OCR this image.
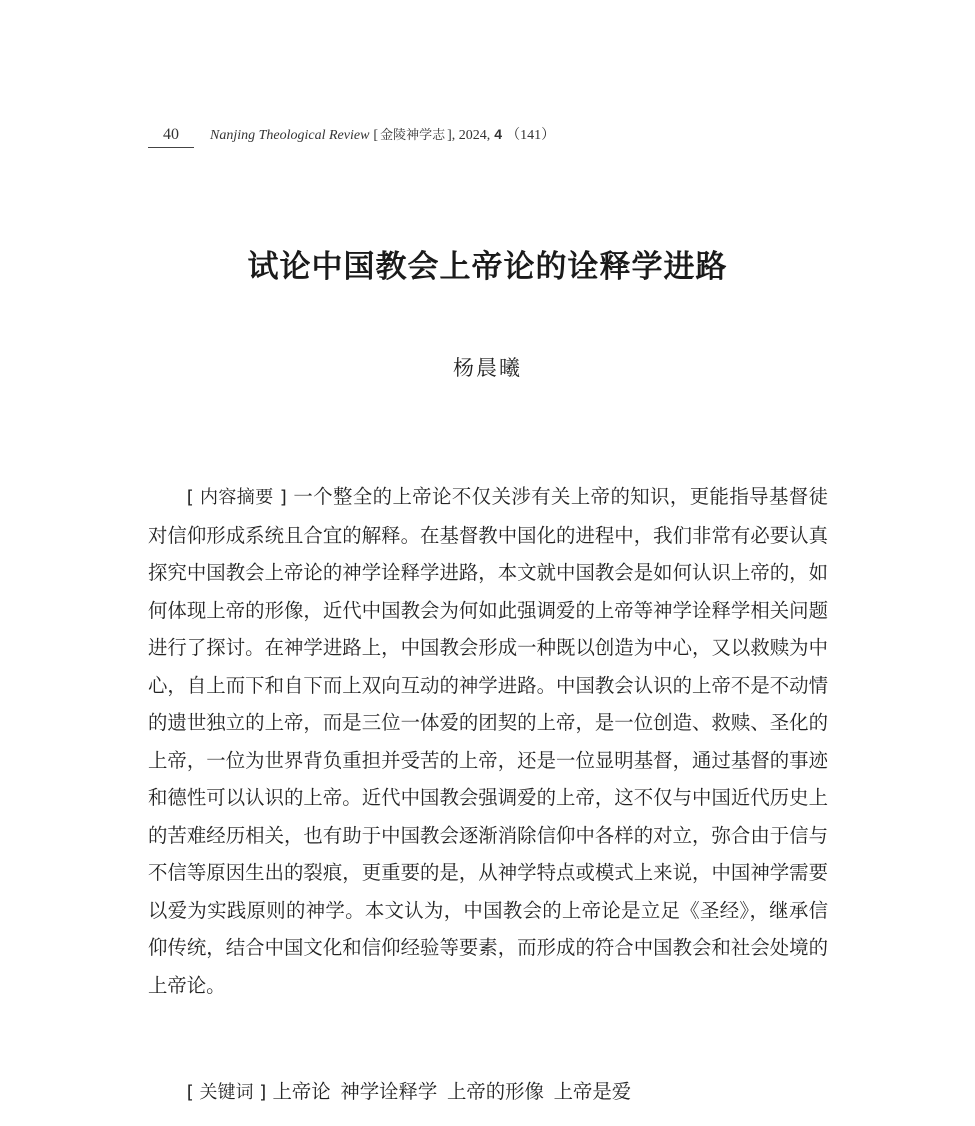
40	Nanjing Theological Review [ 金陵神学志 ] , 2024, 4 （141）
试论中国教会上帝论的诠释学进路
杨晨曦

[ 内容摘要 ] 一个整全的上帝论不仅关涉有关上帝的知识，更能指导基督徒对信仰形成系统且合宜的解释。在基督教中国化的进程中，我们非常有必要认真探究中国教会上帝论的神学诠释学进路，本文就中国教会是如何认识上帝的，如何体现上帝的形像，近代中国教会为何如此强调爱的上帝等神学诠释学相关问题进行了探讨。在神学进路上，中国教会形成一种既以创造为中心，又以救赎为中心，自上而下和自下而上双向互动的神学进路。中国教会认识的上帝不是不动情的遗世独立的上帝，而是三位一体爱的团契的上帝，是一位创造、救赎、圣化的上帝，一位为世界背负重担并受苦的上帝，还是一位显明基督，通过基督的事迹和德性可以认识的上帝。近代中国教会强调爱的上帝，这不仅与中国近代历史上的苦难经历相关，也有助于中国教会逐渐消除信仰中各样的对立，弥合由于信与不信等原因生出的裂痕，更重要的是，从神学特点或模式上来说，中国神学需要以爱为实践原则的神学。本文认为，中国教会的上帝论是立足《圣经》，继承信仰传统，结合中国文化和信仰经验等要素，而形成的符合中国教会和社会处境的上帝论。

[ 关键词 ] 上帝论 神学诠释学 上帝的形像 上帝是爱
